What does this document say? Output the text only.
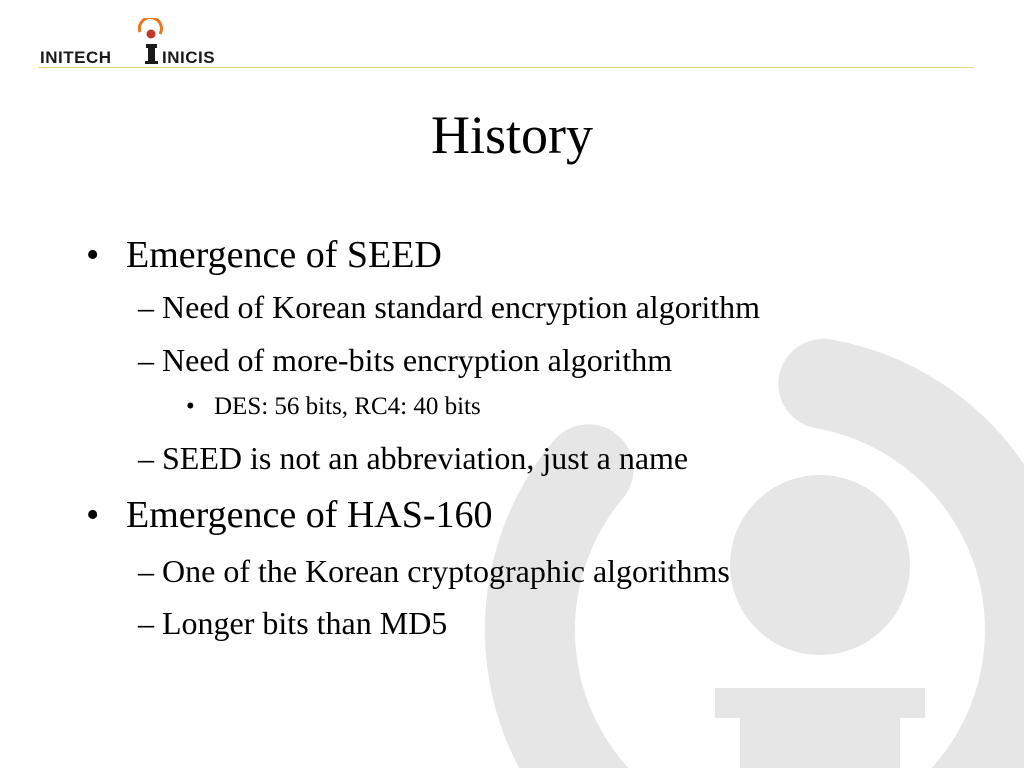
INITECH	INICIS
History
• Emergence of SEED
– Need of Korean standard encryption algorithm
– Need of more-bits encryption algorithm
• DES: 56 bits, RC4: 40 bits
– SEED is not an abbreviation, just a name
• Emergence of HAS-160
– One of the Korean cryptographic algorithms
– Longer bits than MD5
